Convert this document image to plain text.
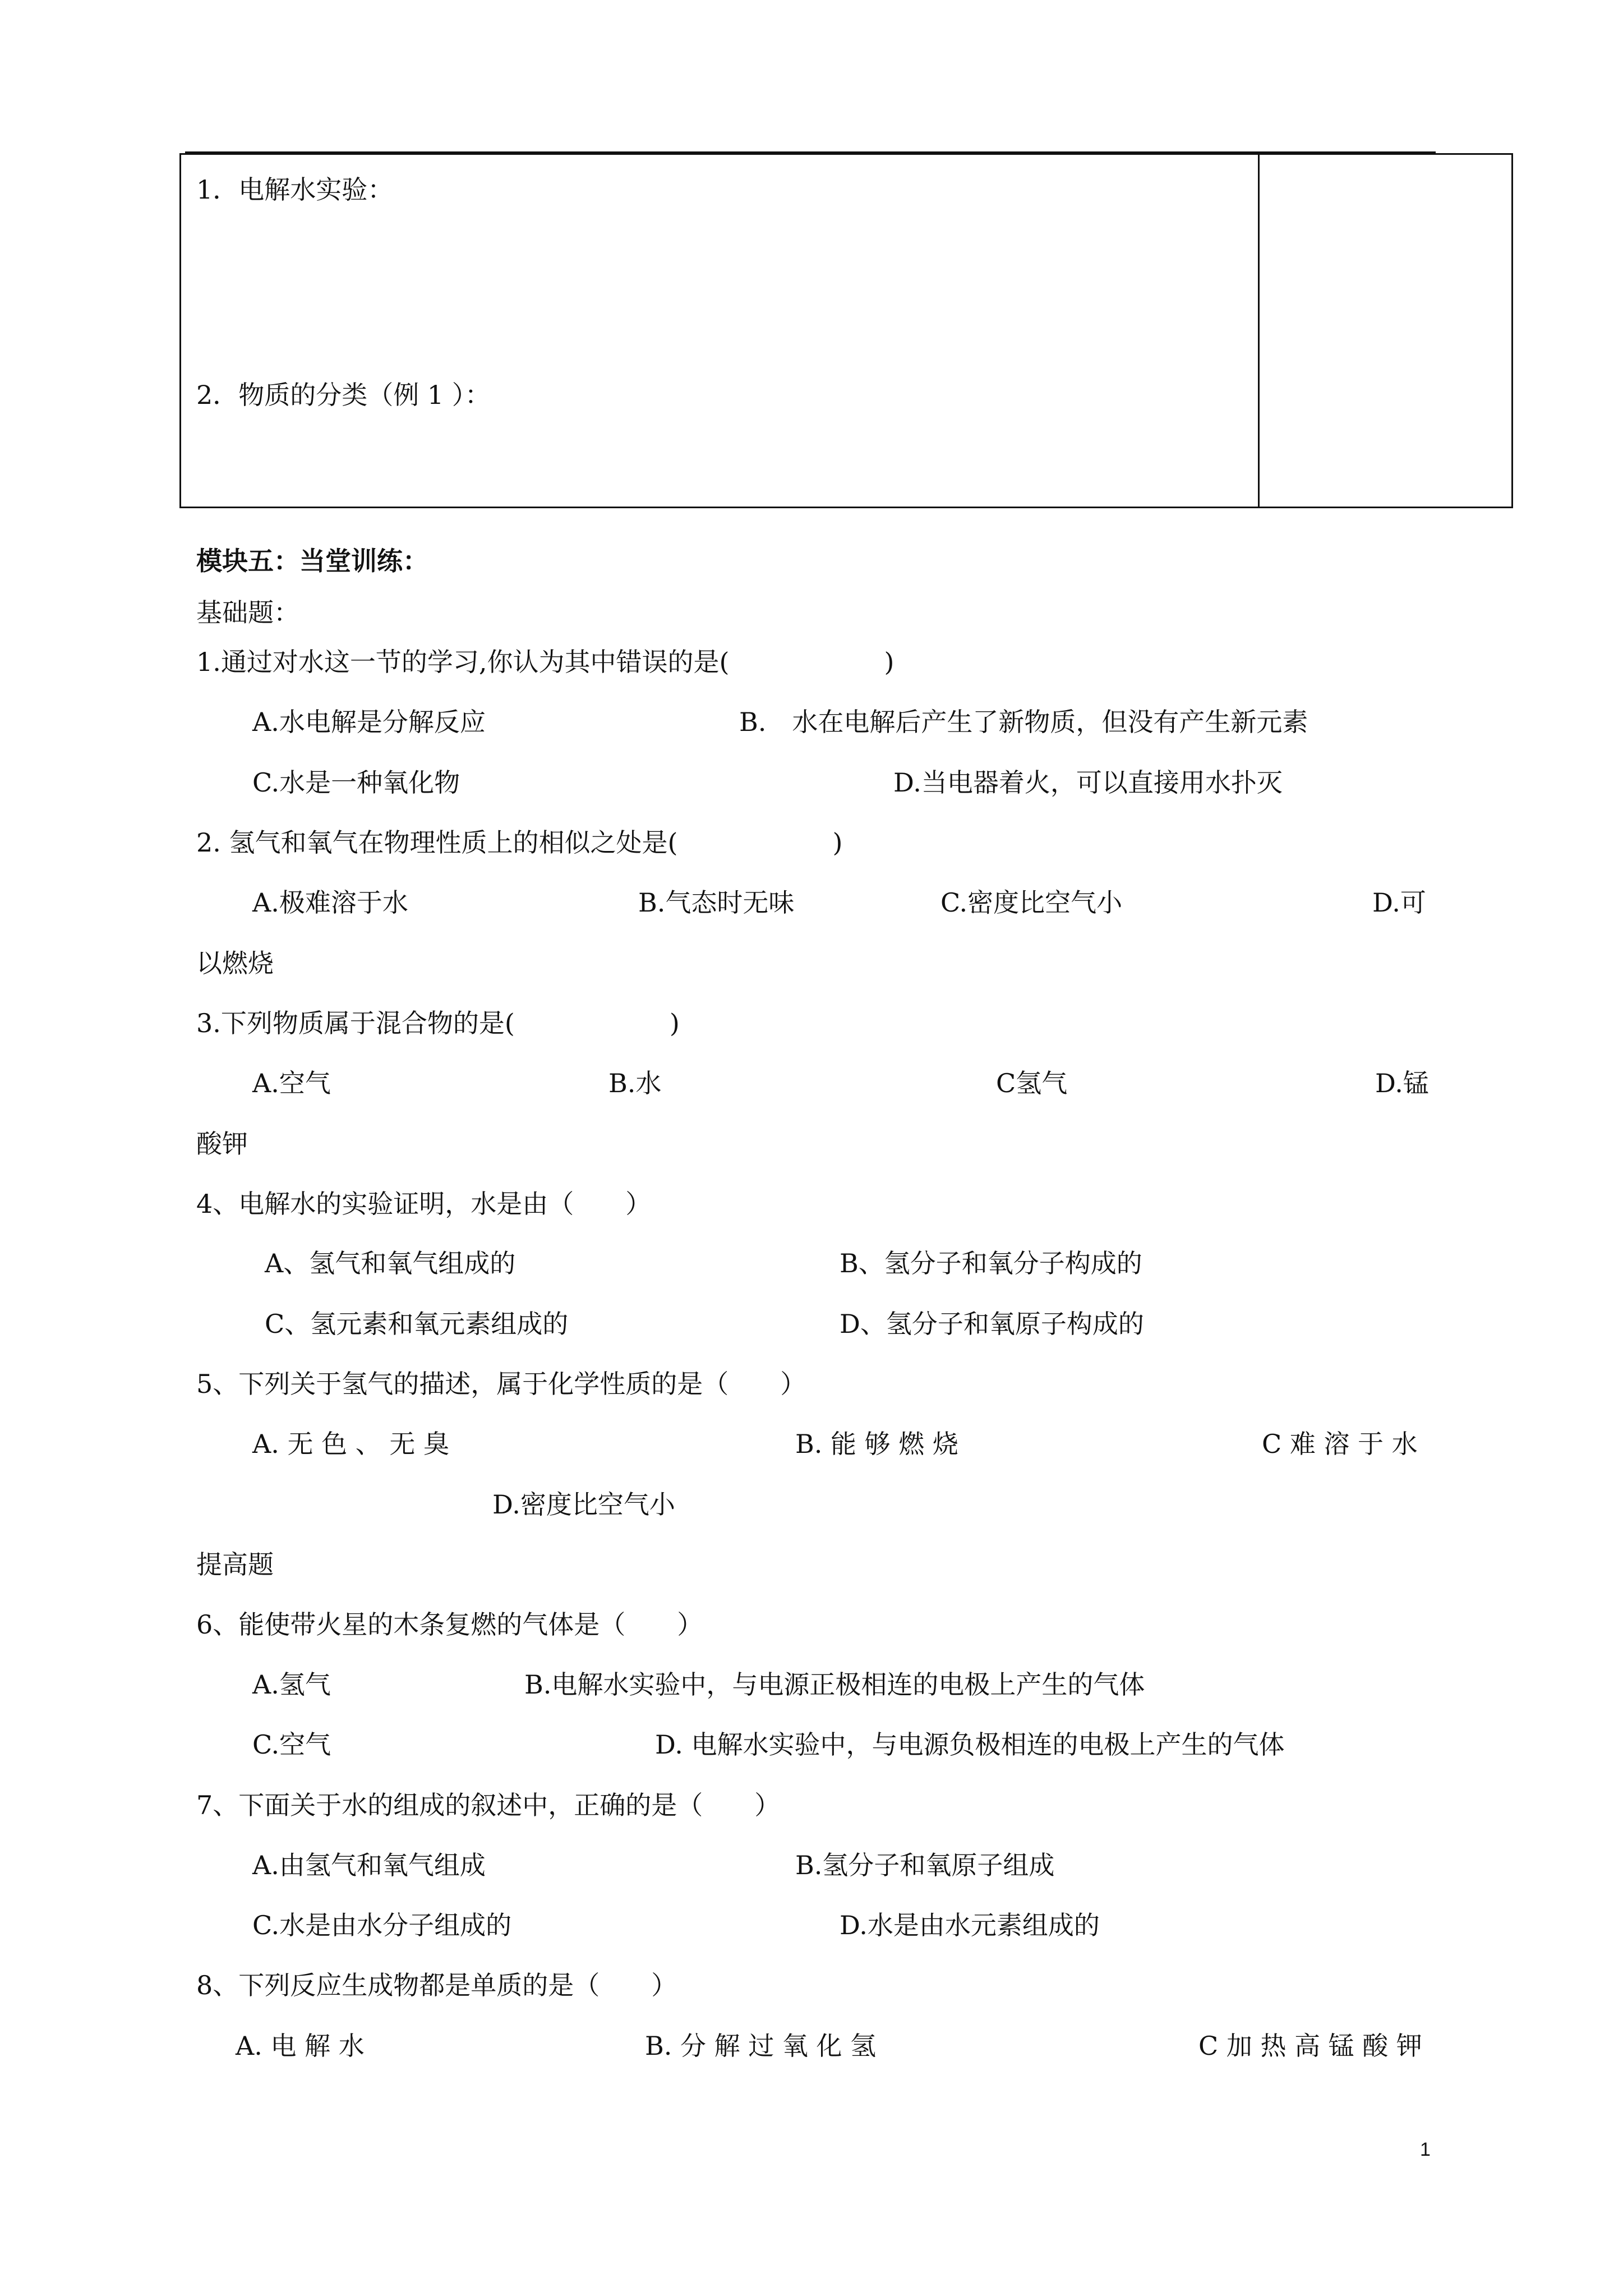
1．电解水实验：
2．物质的分类（例 1 ）：
模块五：当堂训练：
基础题：
1.通过对水这一节的学习,你认为其中错误的是(　　　　　　)
A.水电解是分解反应	B.　水在电解后产生了新物质，但没有产生新元素
C.水是一种氧化物	D.当电器着火，可以直接用水扑灭
2. 氢气和氧气在物理性质上的相似之处是(　　　　　　)
A.极难溶于水	B.气态时无味	C.密度比空气小	D.可
以燃烧
3.下列物质属于混合物的是(　　　　　　)
A.空气	B.水	C氢气	D.锰
酸钾
4、电解水的实验证明，水是由（　　）
A、氢气和氧气组成的	B、氢分子和氧分子构成的
C、氢元素和氧元素组成的	D、氢分子和氧原子构成的
5、下列关于氢气的描述，属于化学性质的是（　　）
A. 无 色 、 无 臭	B. 能 够 燃 烧	C 难 溶 于 水
D.密度比空气小
提高题
6、能使带火星的木条复燃的气体是（　　）
A.氢气	B.电解水实验中，与电源正极相连的电极上产生的气体
C.空气	D. 电解水实验中，与电源负极相连的电极上产生的气体
7、下面关于水的组成的叙述中，正确的是（　　）
A.由氢气和氧气组成	B.氢分子和氧原子组成
C.水是由水分子组成的	D.水是由水元素组成的
8、下列反应生成物都是单质的是（　　）
A. 电 解 水	B. 分 解 过 氧 化 氢	C 加 热 高 锰 酸 钾
1
